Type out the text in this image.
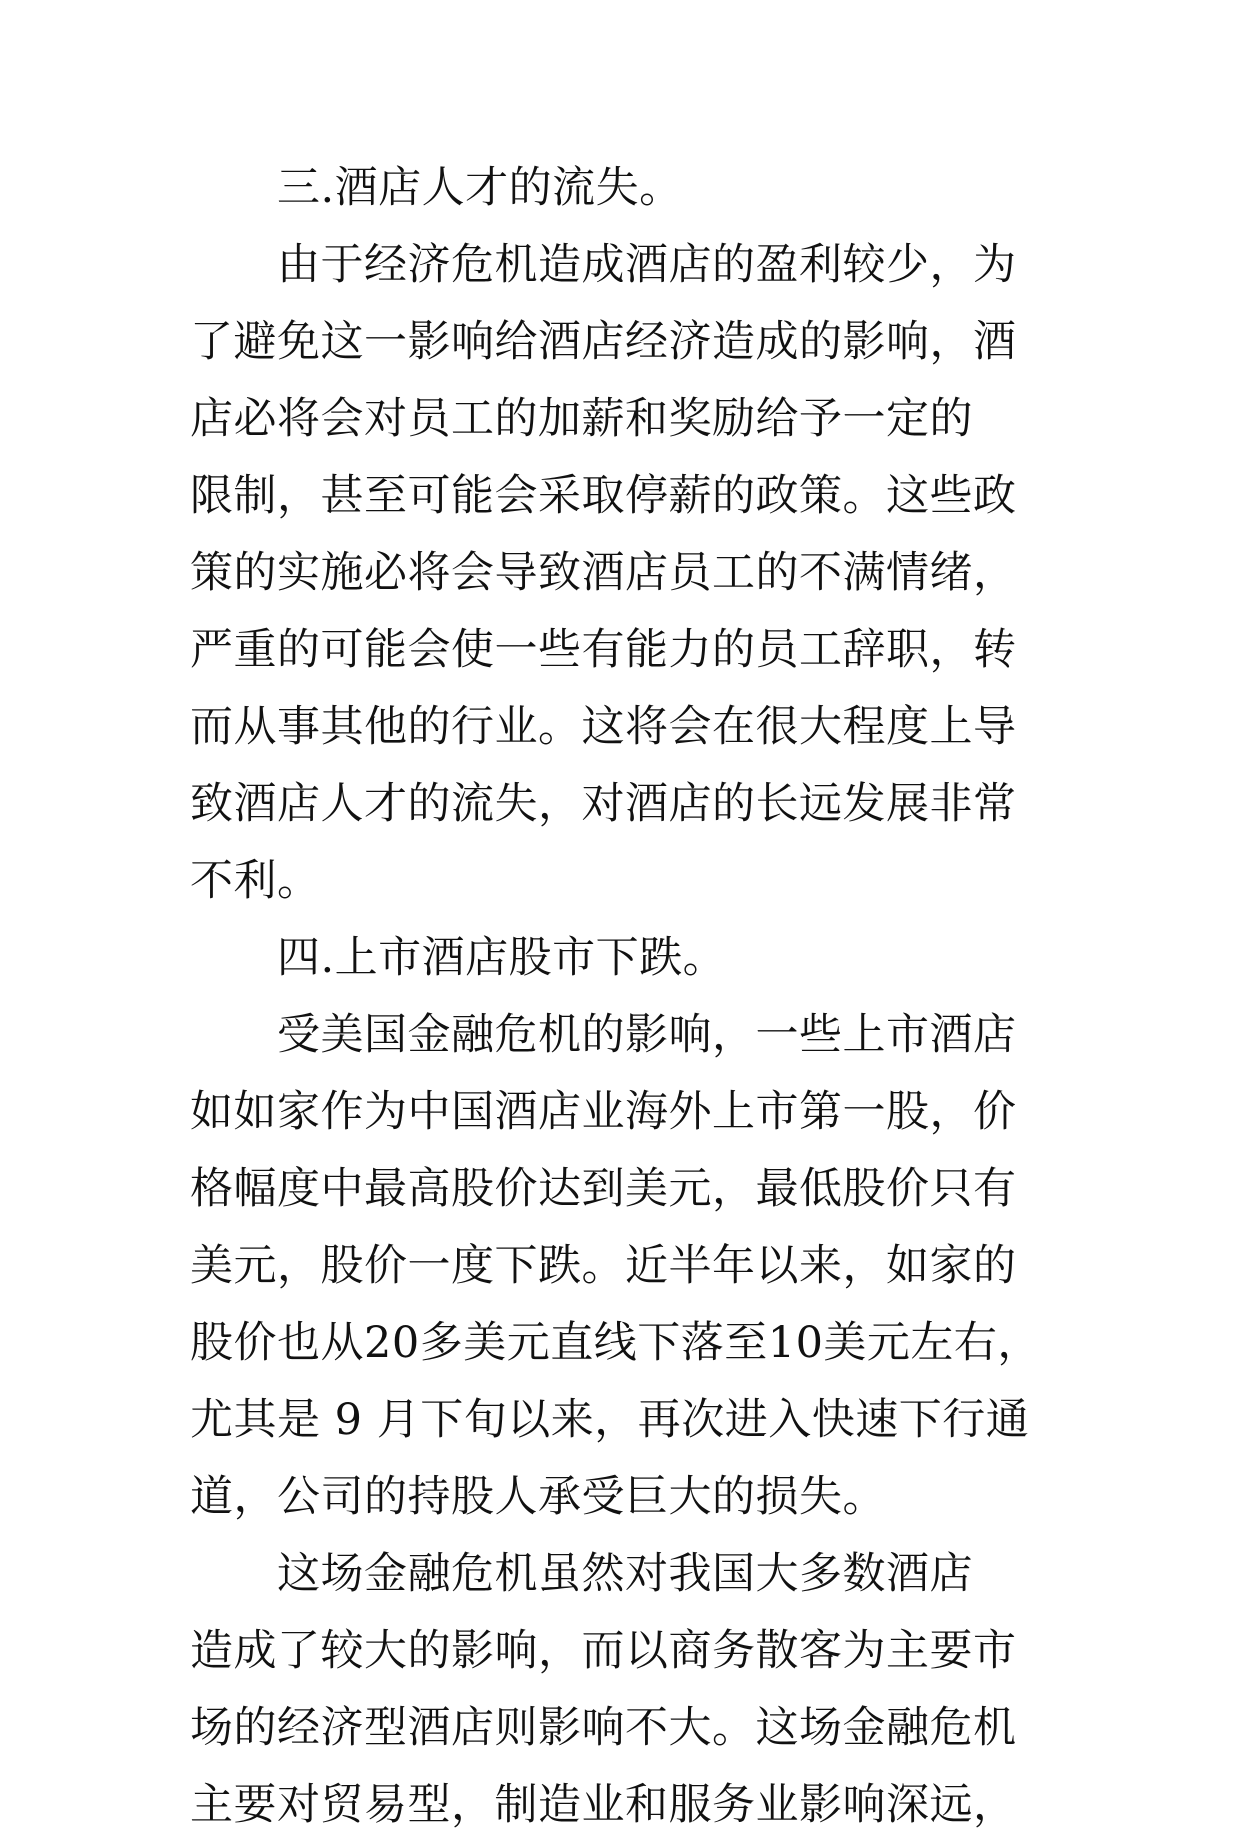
　　三.酒店人才的流失。
　　由于经济危机造成酒店的盈利较少，为
了避免这一影响给酒店经济造成的影响，酒
店必将会对员工的加薪和奖励给予一定的
限制，甚至可能会采取停薪的政策。这些政
策的实施必将会导致酒店员工的不满情绪，
严重的可能会使一些有能力的员工辞职，转
而从事其他的行业。这将会在很大程度上导
致酒店人才的流失，对酒店的长远发展非常
不利。
　　四.上市酒店股市下跌。
　　受美国金融危机的影响，一些上市酒店
如如家作为中国酒店业海外上市第一股，价
格幅度中最高股价达到美元，最低股价只有
美元，股价一度下跌。近半年以来，如家的
股价也从20多美元直线下落至10美元左右，
尤其是 9 月下旬以来，再次进入快速下行通
道，公司的持股人承受巨大的损失。
　　这场金融危机虽然对我国大多数酒店
造成了较大的影响，而以商务散客为主要市
场的经济型酒店则影响不大。这场金融危机
主要对贸易型，制造业和服务业影响深远，
